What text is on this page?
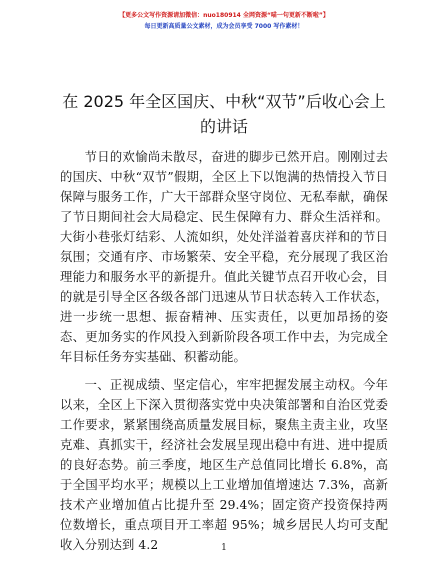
【更多公文写作资源请加微信：nuo180914 全网资源“喵一句更新不断啦”】
每日更新高质量公文素材，成为会员享受 7000 写作素材！
在 2025 年全区国庆、中秋“双节”后收心会上的讲话

节日的欢愉尚未散尽，奋进的脚步已然开启。刚刚过去的国庆、中秋“双节”假期，全区上下以饱满的热情投入节日保障与服务工作，广大干部群众坚守岗位、无私奉献，确保了节日期间社会大局稳定、民生保障有力、群众生活祥和。大街小巷张灯结彩、人流如织，处处洋溢着喜庆祥和的节日氛围；交通有序、市场繁荣、安全平稳，充分展现了我区治理能力和服务水平的新提升。值此关键节点召开收心会，目的就是引导全区各级各部门迅速从节日状态转入工作状态，进一步统一思想、振奋精神、压实责任，以更加昂扬的姿态、更加务实的作风投入到新阶段各项工作中去，为完成全年目标任务夯实基础、积蓄动能。

一、正视成绩、坚定信心，牢牢把握发展主动权。今年以来，全区上下深入贯彻落实党中央决策部署和自治区党委工作要求，紧紧围绕高质量发展目标，聚焦主责主业，攻坚克难、真抓实干，经济社会发展呈现出稳中有进、进中提质的良好态势。前三季度，地区生产总值同比增长 6.8%，高于全国平均水平；规模以上工业增加值增速达 7.3%，高新技术产业增加值占比提升至 29.4%；固定资产投资保持两位数增长，重点项目开工率超 95%；城乡居民人均可支配收入分别达到 4.2	1
